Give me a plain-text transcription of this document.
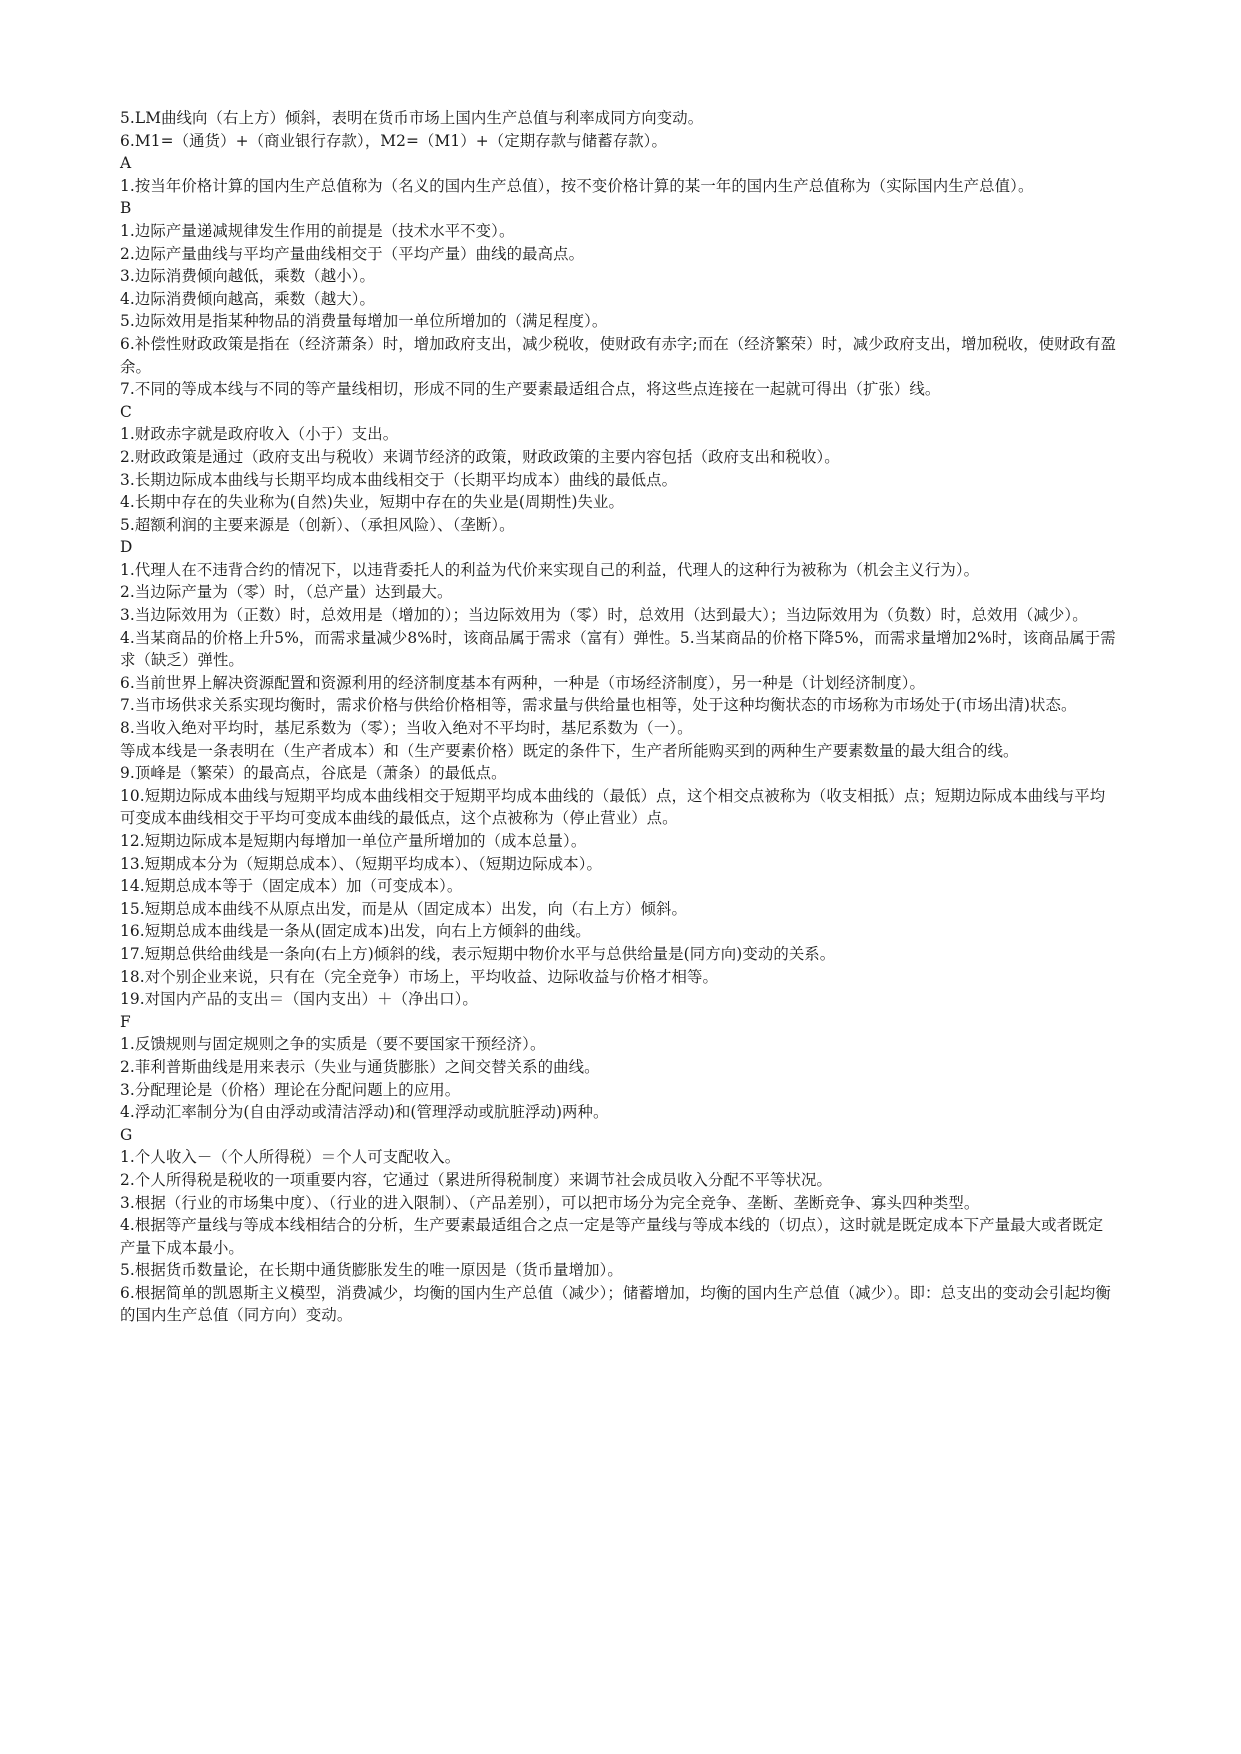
5.LM曲线向（右上方）倾斜，表明在货币市场上国内生产总值与利率成同方向变动。

6.M1=（通货）+（商业银行存款），M2=（M1）+（定期存款与储蓄存款）。

A

1.按当年价格计算的国内生产总值称为（名义的国内生产总值），按不变价格计算的某一年的国内生产总值称为（实际国内生产总值）。

B

1.边际产量递减规律发生作用的前提是（技术水平不变）。

2.边际产量曲线与平均产量曲线相交于（平均产量）曲线的最高点。

3.边际消费倾向越低，乘数（越小）。

4.边际消费倾向越高，乘数（越大）。

5.边际效用是指某种物品的消费量每增加一单位所增加的（满足程度）。

6.补偿性财政政策是指在（经济萧条）时，增加政府支出，减少税收，使财政有赤字;而在（经济繁荣）时，减少政府支出，增加税收，使财政有盈余。

7.不同的等成本线与不同的等产量线相切，形成不同的生产要素最适组合点，将这些点连接在一起就可得出（扩张）线。

C

1.财政赤字就是政府收入（小于）支出。

2.财政政策是通过（政府支出与税收）来调节经济的政策，财政政策的主要内容包括（政府支出和税收）。

3.长期边际成本曲线与长期平均成本曲线相交于（长期平均成本）曲线的最低点。

4.长期中存在的失业称为(自然)失业，短期中存在的失业是(周期性)失业。

5.超额利润的主要来源是（创新）、（承担风险）、（垄断）。

D

1.代理人在不违背合约的情况下，以违背委托人的利益为代价来实现自己的利益，代理人的这种行为被称为（机会主义行为）。

2.当边际产量为（零）时，（总产量）达到最大。

3.当边际效用为（正数）时，总效用是（增加的）；当边际效用为（零）时，总效用（达到最大）；当边际效用为（负数）时，总效用（减少）。

4.当某商品的价格上升5%，而需求量减少8%时，该商品属于需求（富有）弹性。5.当某商品的价格下降5%，而需求量增加2%时，该商品属于需求（缺乏）弹性。

6.当前世界上解决资源配置和资源利用的经济制度基本有两种，一种是（市场经济制度），另一种是（计划经济制度）。

7.当市场供求关系实现均衡时，需求价格与供给价格相等，需求量与供给量也相等，处于这种均衡状态的市场称为市场处于(市场出清)状态。

8.当收入绝对平均时，基尼系数为（零）；当收入绝对不平均时，基尼系数为（一）。

等成本线是一条表明在（生产者成本）和（生产要素价格）既定的条件下，生产者所能购买到的两种生产要素数量的最大组合的线。

9.顶峰是（繁荣）的最高点，谷底是（萧条）的最低点。

10.短期边际成本曲线与短期平均成本曲线相交于短期平均成本曲线的（最低）点，这个相交点被称为（收支相抵）点；短期边际成本曲线与平均可变成本曲线相交于平均可变成本曲线的最低点，这个点被称为（停止营业）点。

12.短期边际成本是短期内每增加一单位产量所增加的（成本总量）。

13.短期成本分为（短期总成本）、（短期平均成本）、（短期边际成本）。

14.短期总成本等于（固定成本）加（可变成本）。

15.短期总成本曲线不从原点出发，而是从（固定成本）出发，向（右上方）倾斜。

16.短期总成本曲线是一条从(固定成本)出发，向右上方倾斜的曲线。

17.短期总供给曲线是一条向(右上方)倾斜的线，表示短期中物价水平与总供给量是(同方向)变动的关系。

18.对个别企业来说，只有在（完全竞争）市场上，平均收益、边际收益与价格才相等。

19.对国内产品的支出＝（国内支出）＋（净出口）。

F

1.反馈规则与固定规则之争的实质是（要不要国家干预经济）。

2.菲利普斯曲线是用来表示（失业与通货膨胀）之间交替关系的曲线。

3.分配理论是（价格）理论在分配问题上的应用。

4.浮动汇率制分为(自由浮动或清洁浮动)和(管理浮动或肮脏浮动)两种。

G

1.个人收入－（个人所得税）＝个人可支配收入。

2.个人所得税是税收的一项重要内容，它通过（累进所得税制度）来调节社会成员收入分配不平等状况。

3.根据（行业的市场集中度）、（行业的进入限制）、（产品差别），可以把市场分为完全竞争、垄断、垄断竞争、寡头四种类型。

4.根据等产量线与等成本线相结合的分析，生产要素最适组合之点一定是等产量线与等成本线的（切点），这时就是既定成本下产量最大或者既定产量下成本最小。

5.根据货币数量论，在长期中通货膨胀发生的唯一原因是（货币量增加）。

6.根据简单的凯恩斯主义模型，消费减少，均衡的国内生产总值（减少）；储蓄增加，均衡的国内生产总值（减少）。即：总支出的变动会引起均衡的国内生产总值（同方向）变动。
